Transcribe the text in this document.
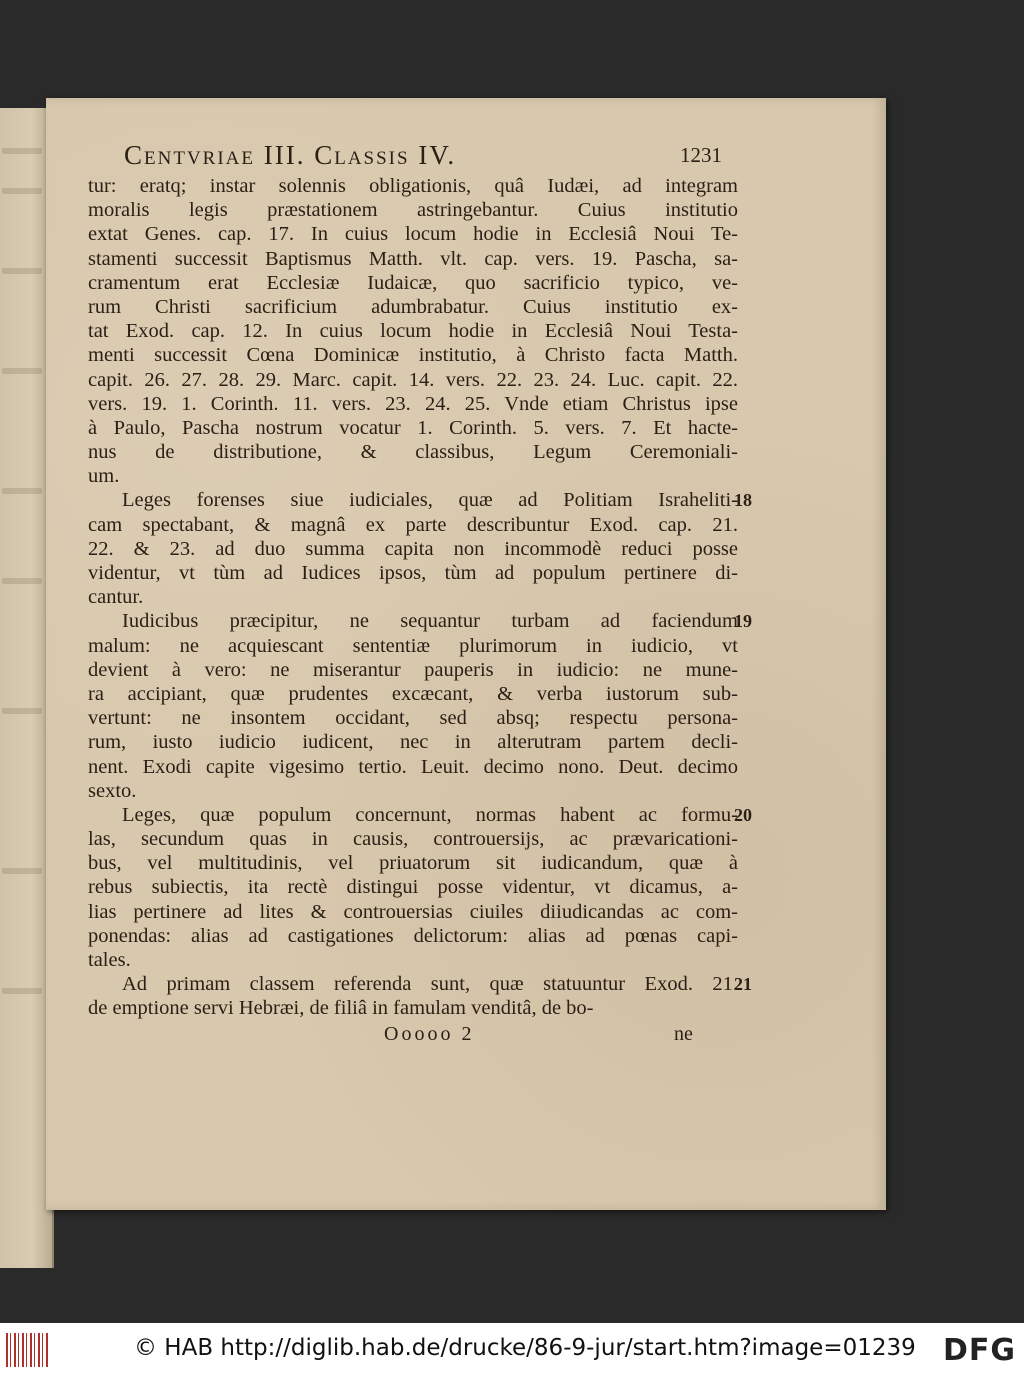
Centvriae III. Classis IV.	1231
tur: eratq; instar solennis obligationis, quâ Iudæi, ad integram
moralis legis præstationem astringebantur. Cuius institutio
extat Genes. cap. 17. In cuius locum hodie in Ecclesiâ Noui Te-
stamenti successit Baptismus Matth. vlt. cap. vers. 19. Pascha, sa-
cramentum erat Ecclesiæ Iudaicæ, quo sacrificio typico, ve-
rum Christi sacrificium adumbrabatur. Cuius institutio ex-
tat Exod. cap. 12. In cuius locum hodie in Ecclesiâ Noui Testa-
menti successit Cœna Dominicæ institutio, à Christo facta Matth.
capit. 26. 27. 28. 29. Marc. capit. 14. vers. 22. 23. 24. Luc. capit. 22.
vers. 19. 1. Corinth. 11. vers. 23. 24. 25. Vnde etiam Christus ipse
à Paulo, Pascha nostrum vocatur 1. Corinth. 5. vers. 7. Et hacte-
nus de distributione, & classibus, Legum Ceremoniali-
um.
Leges forenses siue iudiciales, quæ ad Politiam Israheliti-
18
cam spectabant, & magnâ ex parte describuntur Exod. cap. 21.
22. & 23. ad duo summa capita non incommodè reduci posse
videntur, vt tùm ad Iudices ipsos, tùm ad populum pertinere di-
cantur.
Iudicibus præcipitur, ne sequantur turbam ad faciendum
19
malum: ne acquiescant sententiæ plurimorum in iudicio, vt
devient à vero: ne miserantur pauperis in iudicio: ne mune-
ra accipiant, quæ prudentes excæcant, & verba iustorum sub-
vertunt: ne insontem occidant, sed absq; respectu persona-
rum, iusto iudicio iudicent, nec in alterutram partem decli-
nent. Exodi capite vigesimo tertio. Leuit. decimo nono. Deut. decimo
sexto.
Leges, quæ populum concernunt, normas habent ac formu-
20
las, secundum quas in causis, controuersijs, ac prævaricationi-
bus, vel multitudinis, vel priuatorum sit iudicandum, quæ à
rebus subiectis, ita rectè distingui posse videntur, vt dicamus, a-
lias pertinere ad lites & controuersias ciuiles diiudicandas ac com-
ponendas: alias ad castigationes delictorum: alias ad pœnas capi-
tales.
Ad primam classem referenda sunt, quæ statuuntur Exod. 21.
21
de emptione servi Hebræi, de filiâ in famulam venditâ, de bo-
Ooooo 2	ne
© HAB http://diglib.hab.de/drucke/86-9-jur/start.htm?image=01239 DFG
